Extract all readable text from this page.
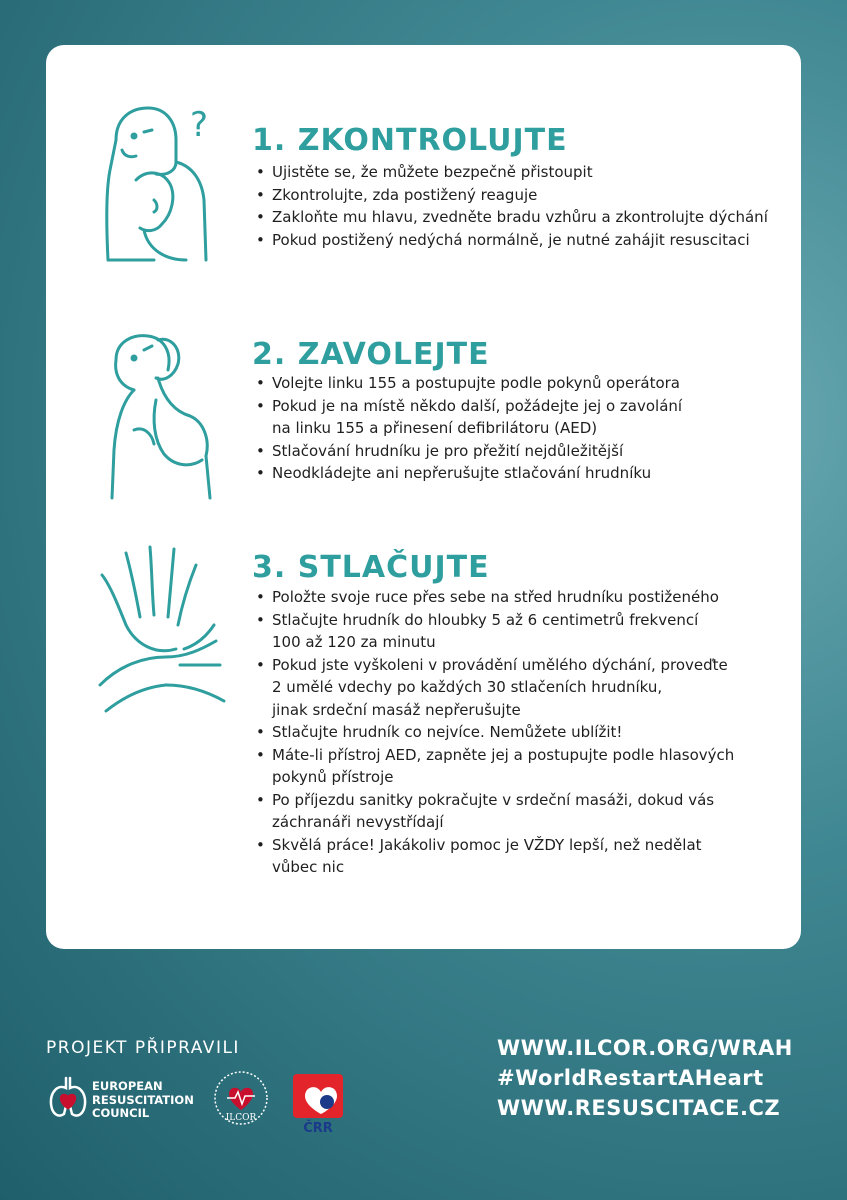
? 1. ZKONTROLUJTE
• Ujistěte se, že můžete bezpečně přistoupit
• Zkontrolujte, zda postižený reaguje
• Zakloňte mu hlavu, zvedněte bradu vzhůru a zkontrolujte dýchání
• Pokud postižený nedýchá normálně, je nutné zahájit resuscitaci
2. ZAVOLEJTE
• Volejte linku 155 a postupujte podle pokynů operátora
• Pokud je na místě někdo další, požádejte jej o zavolání
na linku 155 a přinesení defibrilátoru (AED)
• Stlačování hrudníku je pro přežití nejdůležitější
• Neodkládejte ani nepřerušujte stlačování hrudníku
3. STLAČUJTE
• Položte svoje ruce přes sebe na střed hrudníku postiženého
• Stlačujte hrudník do hloubky 5 až 6 centimetrů frekvencí
100 až 120 za minutu
• Pokud jste vyškoleni v provádění umělého dýchání, proveďte
2 umělé vdechy po každých 30 stlačeních hrudníku,
jinak srdeční masáž nepřerušujte
• Stlačujte hrudník co nejvíce. Nemůžete ublížit!
• Máte-li přístroj AED, zapněte jej a postupujte podle hlasových
pokynů přístroje
• Po příjezdu sanitky pokračujte v srdeční masáži, dokud vás
záchranáři nevystřídají
• Skvělá práce! Jakákoliv pomoc je VŽDY lepší, než nedělat
vůbec nic
PROJEKT PŘIPRAVILI
EUROPEAN
RESUSCITATION
COUNCIL	ILCOR
ČRR
WWW.ILCOR.ORG/WRAH
#WorldRestartAHeart
WWW.RESUSCITACE.CZ
